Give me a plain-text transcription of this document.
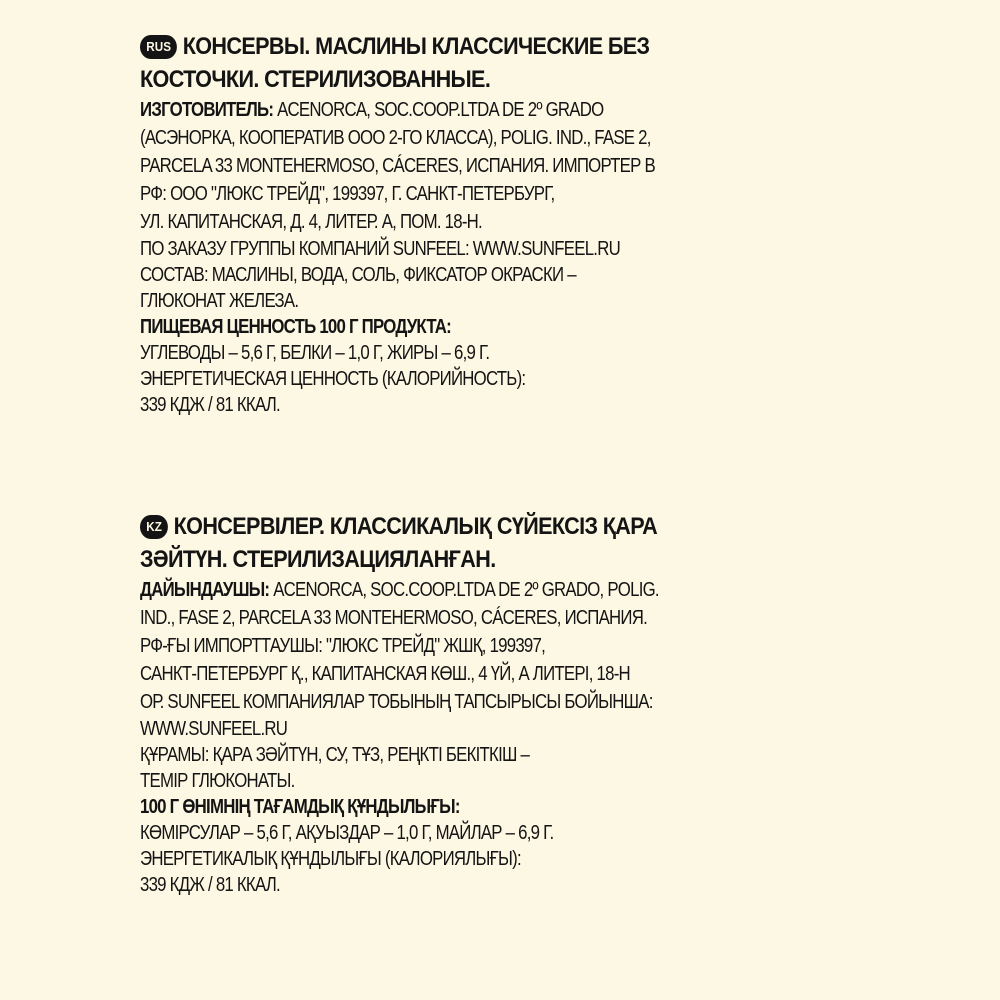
RUS КОНСЕРВЫ. МАСЛИНЫ КЛАССИЧЕСКИЕ БЕЗ
КОСТОЧКИ. СТЕРИЛИЗОВАННЫЕ.
ИЗГОТОВИТЕЛЬ: ACENORCA, SOC.COOP.LTDA DE 2º GRADO
(АСЭНОРКА, КООПЕРАТИВ ООО 2-ГО КЛАССА), POLIG. IND., FASE 2,
PARCELA 33 MONTEHERMOSO, CÁCERES, ИСПАНИЯ. ИМПОРТЕР В
РФ: ООО "ЛЮКС ТРЕЙД", 199397, Г. САНКТ-ПЕТЕРБУРГ,
УЛ. КАПИТАНСКАЯ, Д. 4, ЛИТЕР. А, ПОМ. 18-Н.
ПО ЗАКАЗУ ГРУППЫ КОМПАНИЙ SUNFEEL: WWW.SUNFEEL.RU
СОСТАВ: МАСЛИНЫ, ВОДА, СОЛЬ, ФИКСАТОР ОКРАСКИ –
ГЛЮКОНАТ ЖЕЛЕЗА.
ПИЩЕВАЯ ЦЕННОСТЬ 100 Г ПРОДУКТА:
УГЛЕВОДЫ – 5,6 Г, БЕЛКИ – 1,0 Г, ЖИРЫ – 6,9 Г.
ЭНЕРГЕТИЧЕСКАЯ ЦЕННОСТЬ (КАЛОРИЙНОСТЬ):
339 КДЖ / 81 ККАЛ.
KZ КОНСЕРВІЛЕР. КЛАССИКАЛЫҚ СҮЙЕКСІЗ ҚАРА
ЗӘЙТҮН. СТЕРИЛИЗАЦИЯЛАНҒАН.
ДАЙЫНДАУШЫ: ACENORCA, SOC.COOP.LTDA DE 2º GRADO, POLIG.
IND., FASE 2, PARCELA 33 MONTEHERMOSO, CÁCERES, ИСПАНИЯ.
РФ-ҒЫ ИМПОРТТАУШЫ: "ЛЮКС ТРЕЙД" ЖШҚ, 199397,
САНКТ-ПЕТЕРБУРГ Қ., КАПИТАНСКАЯ КӨШ., 4 ҮЙ, А ЛИТЕРІ, 18-Н
ОР. SUNFEEL КОМПАНИЯЛАР ТОБЫНЫҢ ТАПСЫРЫСЫ БОЙЫНША:
WWW.SUNFEEL.RU
ҚҰРАМЫ: ҚАРА ЗӘЙТҮН, СУ, ТҰЗ, РЕҢКТІ БЕКІТКІШ –
ТЕМІР ГЛЮКОНАТЫ.
100 Г ӨНІМНІҢ ТАҒАМДЫҚ ҚҰНДЫЛЫҒЫ:
КӨМІРСУЛАР – 5,6 Г, АҚУЫЗДАР – 1,0 Г, МАЙЛАР – 6,9 Г.
ЭНЕРГЕТИКАЛЫҚ ҚҰНДЫЛЫҒЫ (КАЛОРИЯЛЫҒЫ):
339 КДЖ / 81 ККАЛ.
